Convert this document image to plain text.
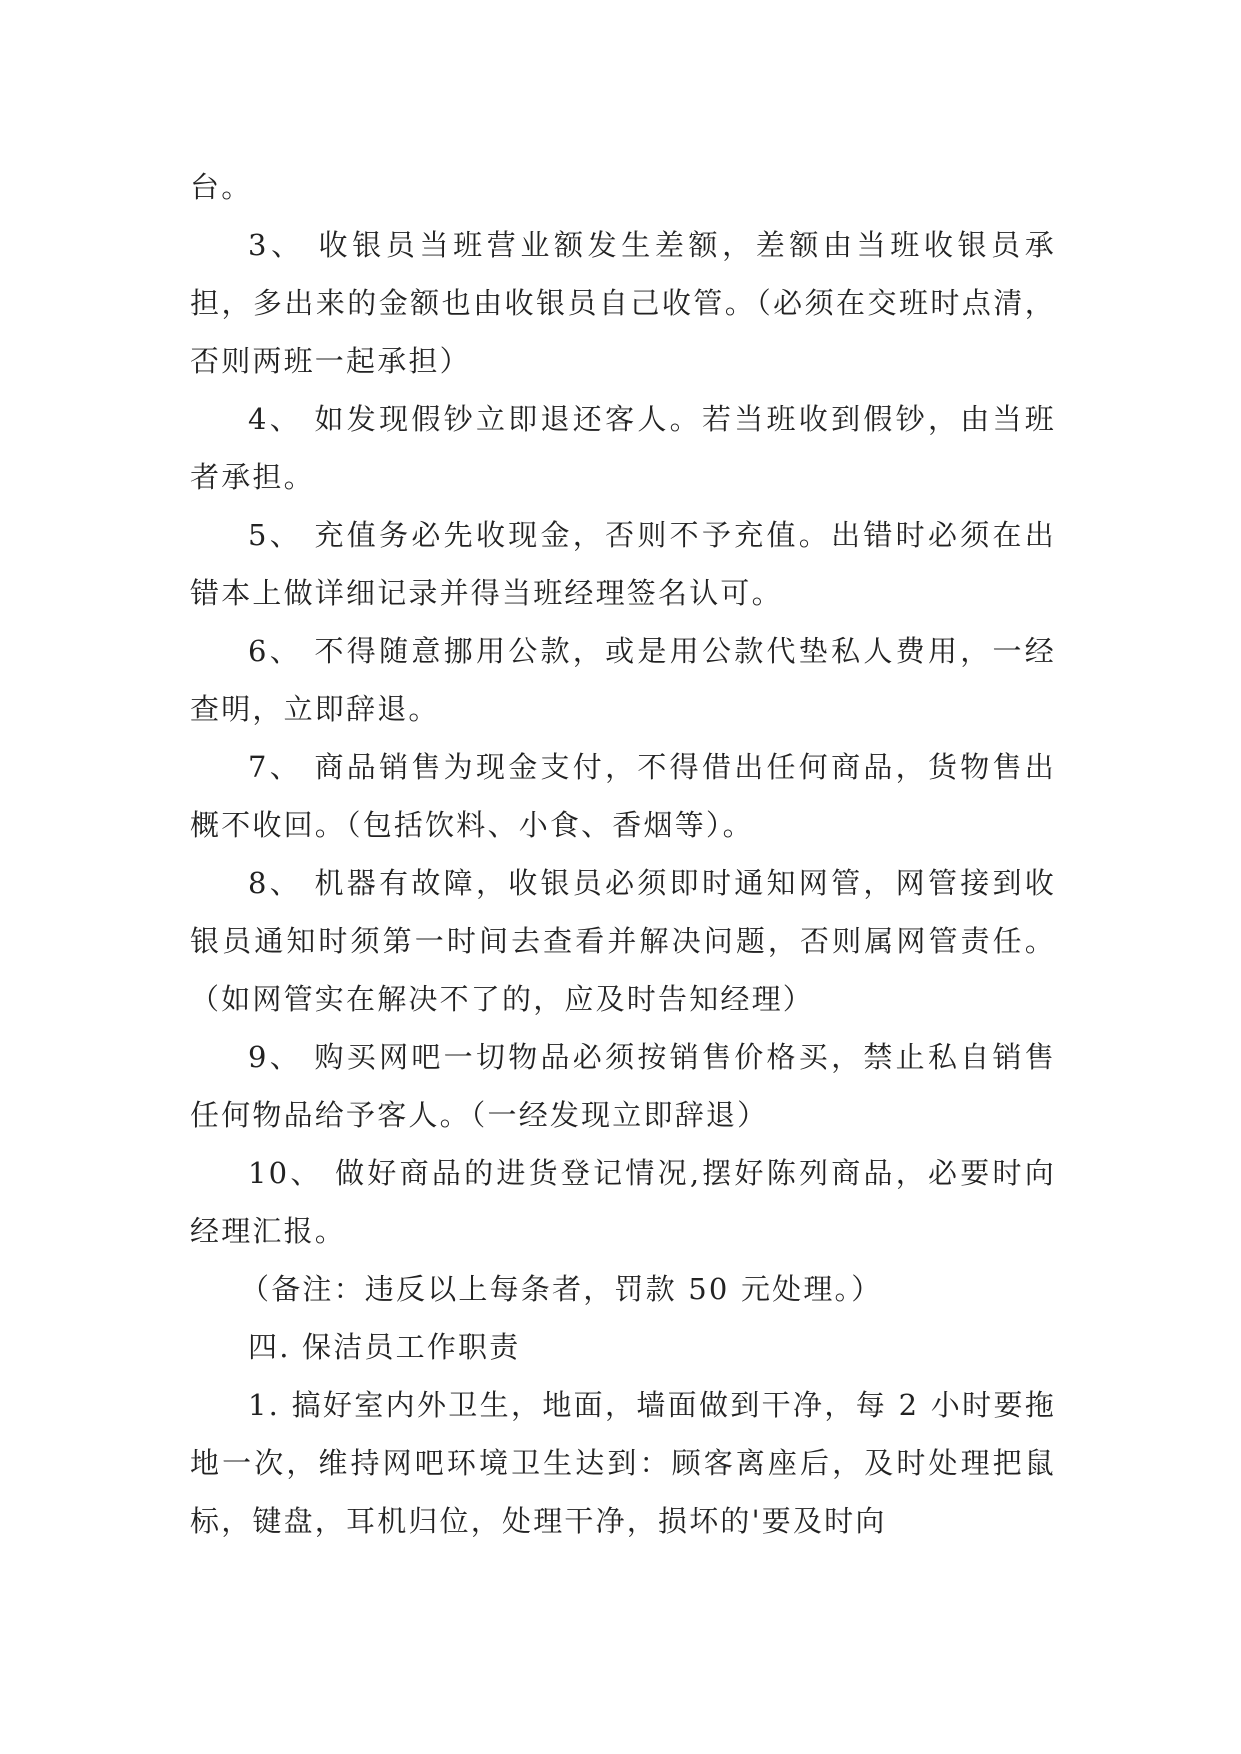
台。

3、 收银员当班营业额发生差额，差额由当班收银员承担，多出来的金额也由收银员自己收管。（必须在交班时点清，否则两班一起承担）

4、 如发现假钞立即退还客人。若当班收到假钞，由当班者承担。

5、 充值务必先收现金，否则不予充值。出错时必须在出错本上做详细记录并得当班经理签名认可。

6、 不得随意挪用公款，或是用公款代垫私人费用，一经查明，立即辞退。

7、 商品销售为现金支付，不得借出任何商品，货物售出概不收回。（包括饮料、小食、香烟等）。

8、 机器有故障，收银员必须即时通知网管，网管接到收银员通知时须第一时间去查看并解决问题，否则属网管责任。（如网管实在解决不了的，应及时告知经理）

9、 购买网吧一切物品必须按销售价格买，禁止私自销售任何物品给予客人。（一经发现立即辞退）

10、 做好商品的进货登记情况,摆好陈列商品，必要时向经理汇报。

（备注：违反以上每条者，罚款 50 元处理。）

四. 保洁员工作职责

1. 搞好室内外卫生，地面，墙面做到干净，每 2 小时要拖地一次，维持网吧环境卫生达到：顾客离座后，及时处理把鼠标，键盘，耳机归位，处理干净，损坏的'要及时向
